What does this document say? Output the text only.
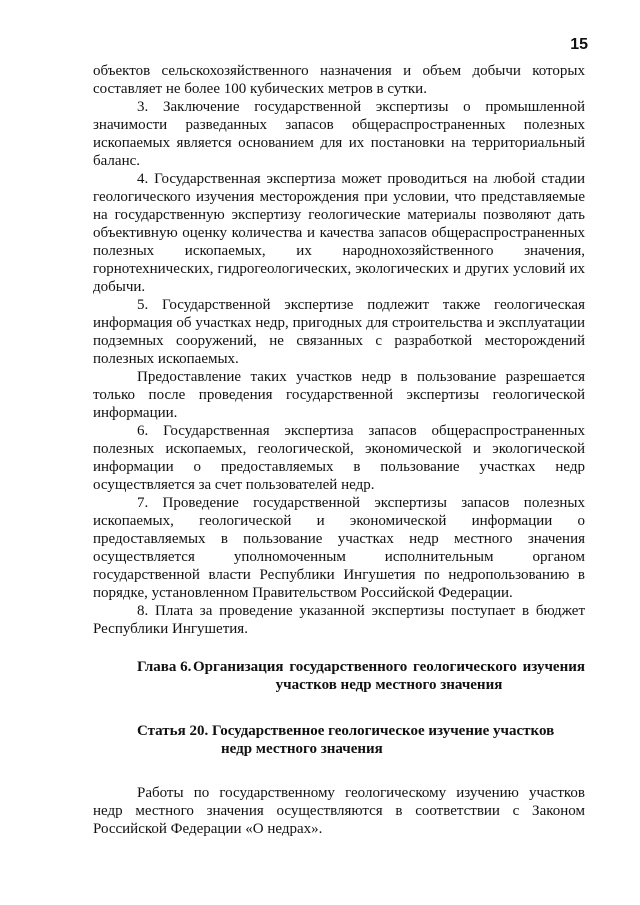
15

объектов сельскохозяйственного назначения и объем добычи которых составляет не более 100 кубических метров в сутки.

3. Заключение государственной экспертизы о промышленной значимости разведанных запасов общераспространенных полезных ископаемых является основанием для их постановки на территориальный баланс.

4. Государственная экспертиза может проводиться на любой стадии геологического изучения месторождения при условии, что представляемые на государственную экспертизу геологические материалы позволяют дать объективную оценку количества и качества запасов общераспространенных полезных ископаемых, их народнохозяйственного значения, горнотехнических, гидрогеологических, экологических и других условий их добычи.

5. Государственной экспертизе подлежит также геологическая информация об участках недр, пригодных для строительства и эксплуатации подземных сооружений, не связанных с разработкой месторождений полезных ископаемых.

Предоставление таких участков недр в пользование разрешается только после проведения государственной экспертизы геологической информации.

6. Государственная экспертиза запасов общераспространенных полезных ископаемых, геологической, экономической и экологической информации о предоставляемых в пользование участках недр осуществляется за счет пользователей недр.

7. Проведение государственной экспертизы запасов полезных ископаемых, геологической и экономической информации о предоставляемых в пользование участках недр местного значения осуществляется уполномоченным исполнительным органом государственной власти Республики Ингушетия по недропользованию в порядке, установленном Правительством Российской Федерации.

8. Плата за проведение указанной экспертизы поступает в бюджет Республики Ингушетия.

Глава 6. Организация государственного геологического изучения участков недр местного значения
Статья 20. Государственное геологическое изучение участков
недр местного значения

Работы по государственному геологическому изучению участков недр местного значения осуществляются в соответствии с Законом Российской Федерации «О недрах».
